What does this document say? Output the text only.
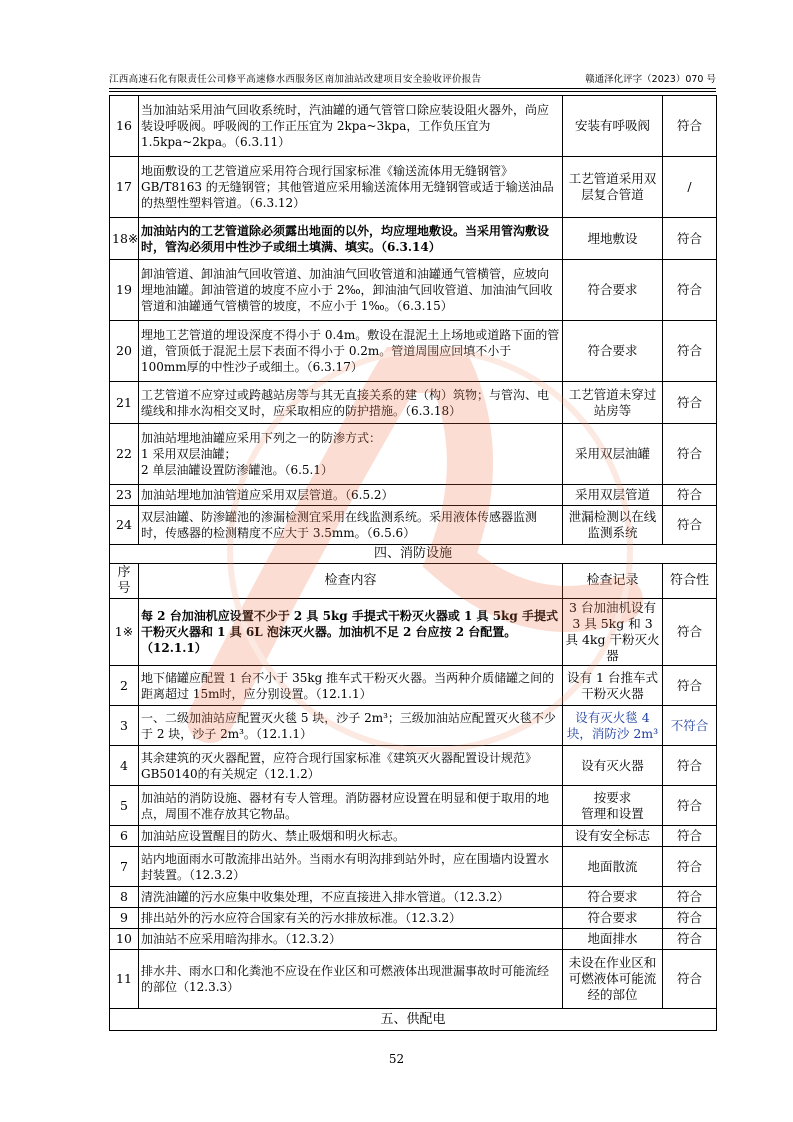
江西高速石化有限责任公司修平高速修水西服务区南加油站改建项目安全验收评价报告	赣通泽化评字（2023）070 号
16	当加油站采用油气回收系统时，汽油罐的通气管管口除应装设阻火器外，尚应装设呼吸阀。呼吸阀的工作正压宜为 2kpa~3kpa，工作负压宜为 1.5kpa~2kpa。（6.3.11）	安装有呼吸阀	符合
17	地面敷设的工艺管道应采用符合现行国家标准《输送流体用无缝钢管》GB/T8163 的无缝钢管；其他管道应采用输送流体用无缝钢管或适于输送油品的热塑性塑料管道。（6.3.12）	工艺管道采用双层复合管道	/
18※	加油站内的工艺管道除必须露出地面的以外，均应埋地敷设。当采用管沟敷设时，管沟必须用中性沙子或细土填满、填实。（6.3.14）	埋地敷设	符合
19	卸油管道、卸油油气回收管道、加油油气回收管道和油罐通气管横管，应坡向埋地油罐。卸油管道的坡度不应小于 2‰，卸油油气回收管道、加油油气回收管道和油罐通气管横管的坡度，不应小于 1‰。（6.3.15）	符合要求	符合
20	埋地工艺管道的埋设深度不得小于 0.4m。敷设在混泥土上场地或道路下面的管道，管顶低于混泥土层下表面不得小于 0.2m。管道周围应回填不小于 100mm厚的中性沙子或细土。（6.3.17）	符合要求	符合
21	工艺管道不应穿过或跨越站房等与其无直接关系的建（构）筑物；与管沟、电缆线和排水沟相交叉时，应采取相应的防护措施。（6.3.18）	工艺管道未穿过站房等	符合
22	加油站埋地油罐应采用下列之一的防渗方式：
1 采用双层油罐；
2 单层油罐设置防渗罐池。（6.5.1）	采用双层油罐	符合
23	加油站埋地加油管道应采用双层管道。（6.5.2）	采用双层管道	符合
24	双层油罐、防渗罐池的渗漏检测宜采用在线监测系统。采用液体传感器监测时，传感器的检测精度不应大于 3.5mm。（6.5.6）	泄漏检测以在线监测系统	符合
四、消防设施			
序号	检查内容	检查记录	符合性
1※	每 2 台加油机应设置不少于 2 具 5kg 手提式干粉灭火器或 1 具 5kg 手提式干粉灭火器和 1 具 6L 泡沫灭火器。加油机不足 2 台应按 2 台配置。（12.1.1）	3 台加油机设有 3 具 5kg 和 3 具 4kg 干粉灭火器	符合
2	地下储罐应配置 1 台不小于 35kg 推车式干粉灭火器。当两种介质储罐之间的距离超过 15m时，应分别设置。（12.1.1）	设有 1 台推车式干粉灭火器	符合
3	一、二级加油站应配置灭火毯 5 块，沙子 2m³；三级加油站应配置灭火毯不少于 2 块，沙子 2m³。（12.1.1）	设有灭火毯 4 块，消防沙 2m³	不符合
4	其余建筑的灭火器配置，应符合现行国家标准《建筑灭火器配置设计规范》GB50140的有关规定（12.1.2）	设有灭火器	符合
5	加油站的消防设施、器材有专人管理。消防器材应设置在明显和便于取用的地点，周围不准存放其它物品。	按要求
管理和设置	符合
6	加油站应设置醒目的防火、禁止吸烟和明火标志。	设有安全标志	符合
7	站内地面雨水可散流排出站外。当雨水有明沟排到站外时，应在围墙内设置水封装置。（12.3.2）	地面散流	符合
8	清洗油罐的污水应集中收集处理，不应直接进入排水管道。（12.3.2）	符合要求	符合
9	排出站外的污水应符合国家有关的污水排放标准。（12.3.2）	符合要求	符合
10	加油站不应采用暗沟排水。（12.3.2）	地面排水	符合
11	排水井、雨水口和化粪池不应设在作业区和可燃液体出现泄漏事故时可能流经的部位（12.3.3）	未设在作业区和可燃液体可能流经的部位	符合
五、供配电			
52
